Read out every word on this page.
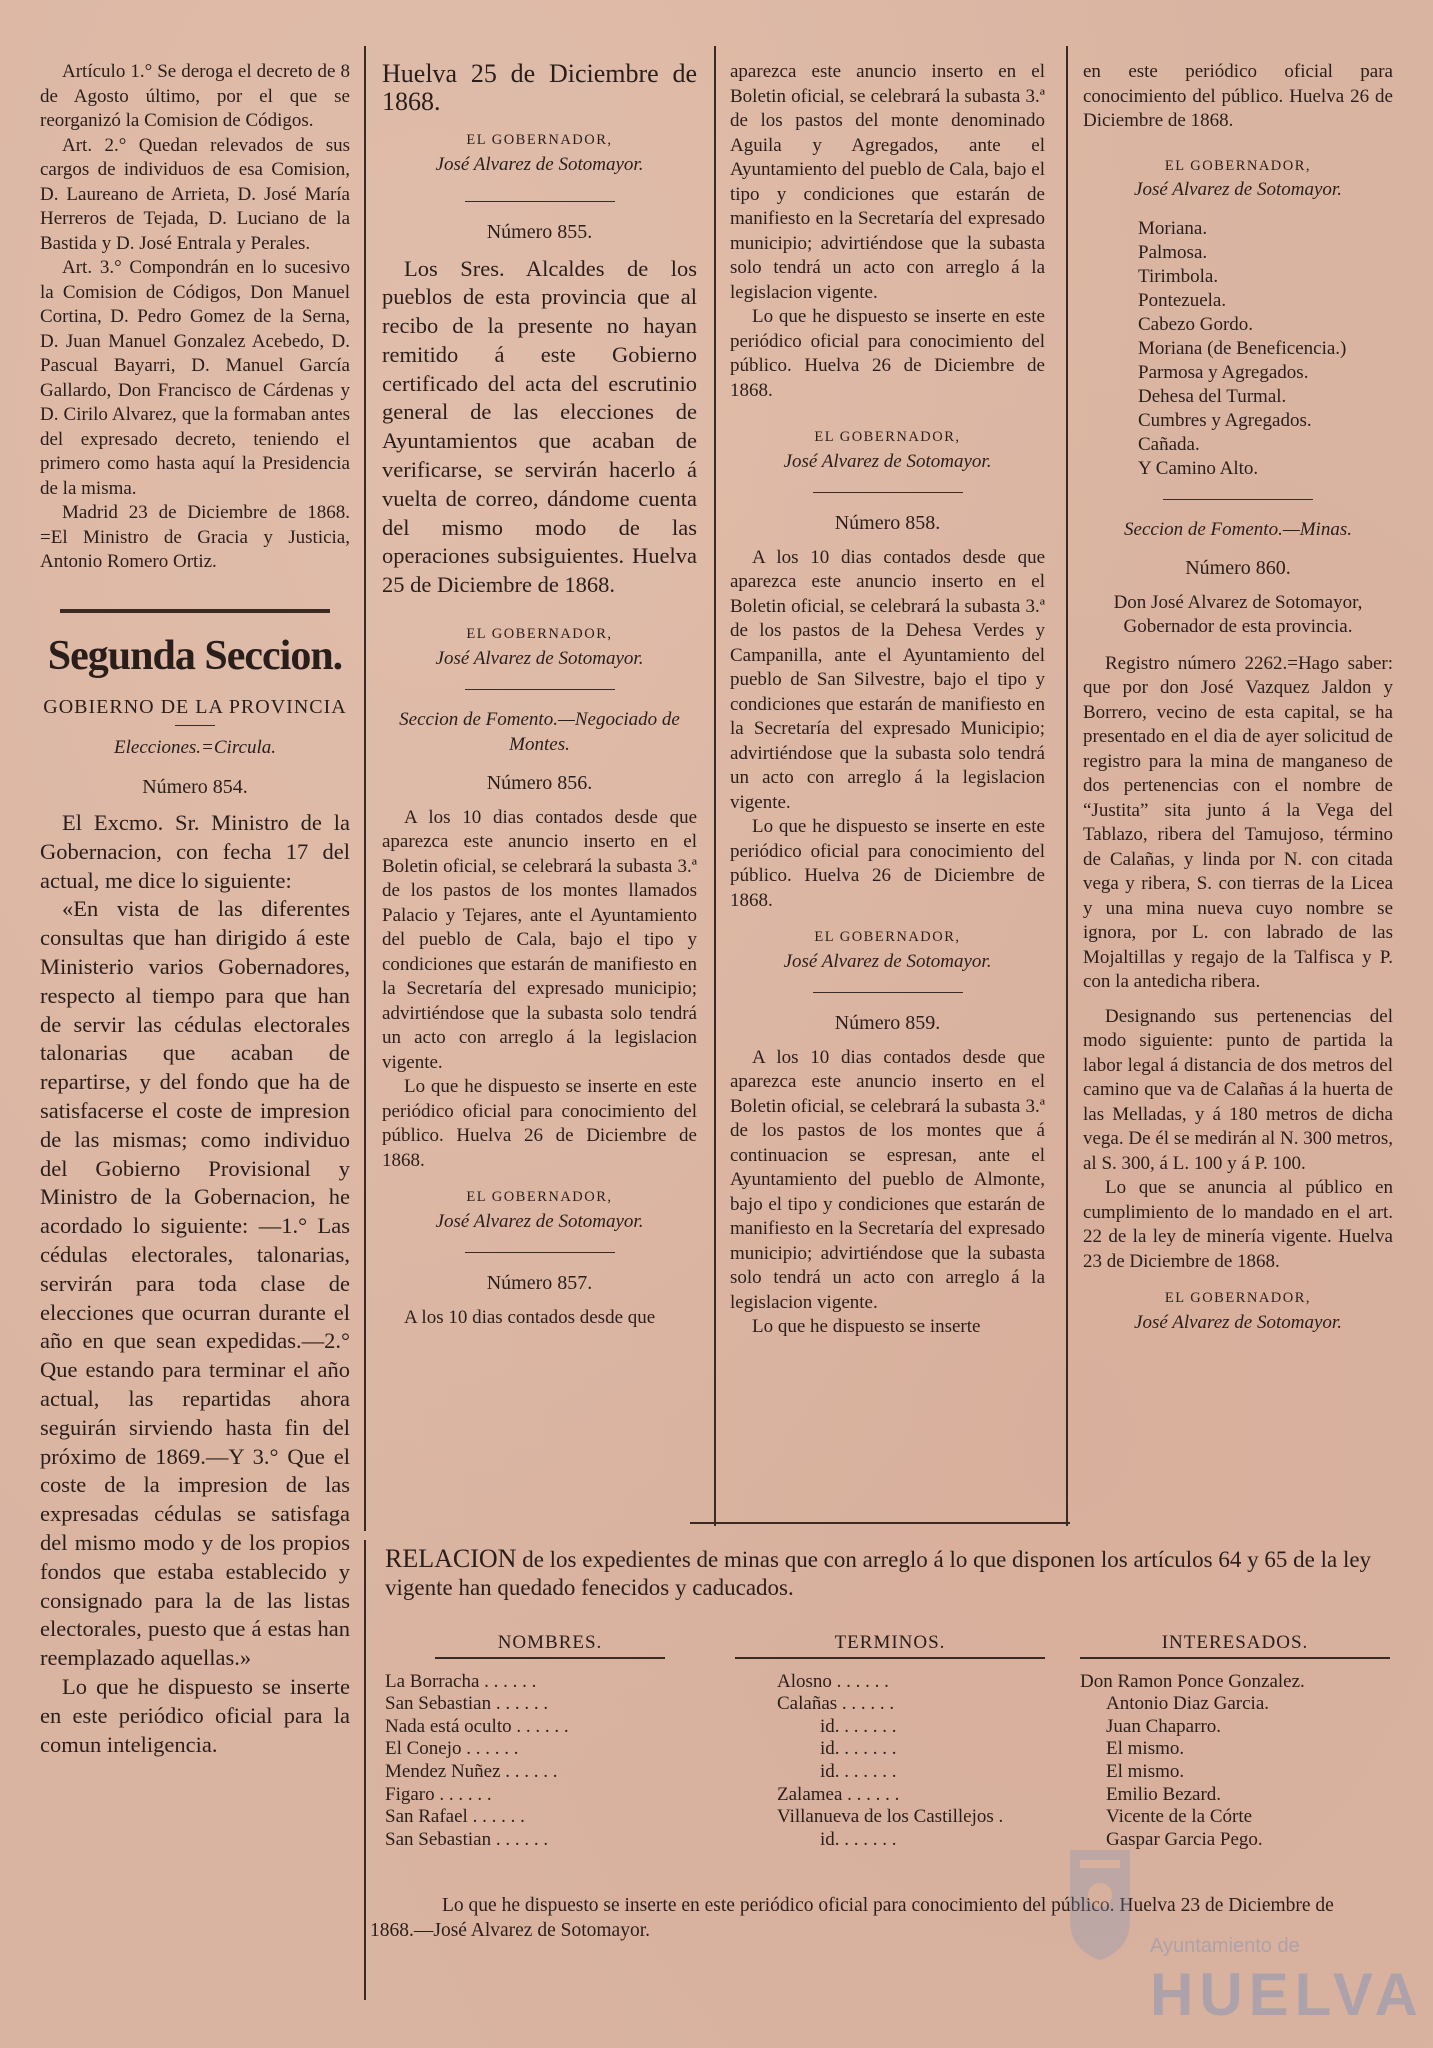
Artículo 1.° Se deroga el decreto de 8 de Agosto último, por el que se reorganizó la Comision de Códigos.

Art. 2.° Quedan relevados de sus cargos de individuos de esa Comision, D. Laureano de Arrieta, D. José María Herreros de Tejada, D. Luciano de la Bastida y D. José Entrala y Perales.

Art. 3.° Compondrán en lo sucesivo la Comision de Códigos, Don Manuel Cortina, D. Pedro Gomez de la Serna, D. Juan Manuel Gonzalez Acebedo, D. Pascual Bayarri, D. Manuel García Gallardo, Don Francisco de Cárdenas y D. Cirilo Alvarez, que la formaban antes del expresado decreto, teniendo el primero como hasta aquí la Presidencia de la misma.

Madrid 23 de Diciembre de 1868. =El Ministro de Gracia y Justicia, Antonio Romero Ortiz.

Segunda Seccion.
GOBIERNO DE LA PROVINCIA

Elecciones.=Circula.

Número 854.

El Excmo. Sr. Ministro de la Gobernacion, con fecha 17 del actual, me dice lo siguiente:

«En vista de las diferentes consultas que han dirigido á este Ministerio varios Gobernadores, respecto al tiempo para que han de servir las cédulas electorales talonarias que acaban de repartirse, y del fondo que ha de satisfacerse el coste de impresion de las mismas; como individuo del Gobierno Provisional y Ministro de la Gobernacion, he acordado lo siguiente: —1.° Las cédulas electorales, talonarias, servirán para toda clase de elecciones que ocurran durante el año en que sean expedidas.—2.° Que estando para terminar el año actual, las repartidas ahora seguirán sirviendo hasta fin del próximo de 1869.—Y 3.° Que el coste de la impresion de las expresadas cédulas se satisfaga del mismo modo y de los propios fondos que estaba establecido y consignado para la de las listas electorales, puesto que á estas han reemplazado aquellas.»

Lo que he dispuesto se inserte en este periódico oficial para la comun inteligencia.

Huelva 25 de Diciembre de 1868.

EL GOBERNADOR,

José Alvarez de Sotomayor.

Número 855.

Los Sres. Alcaldes de los pueblos de esta provincia que al recibo de la presente no hayan remitido á este Gobierno certificado del acta del escrutinio general de las elecciones de Ayuntamientos que acaban de verificarse, se servirán hacerlo á vuelta de correo, dándome cuenta del mismo modo de las operaciones subsiguientes. Huelva 25 de Diciembre de 1868.

EL GOBERNADOR,

José Alvarez de Sotomayor.

Seccion de Fomento.—Negociado de Montes.

Número 856.

A los 10 dias contados desde que aparezca este anuncio inserto en el Boletin oficial, se celebrará la subasta 3.ª de los pastos de los montes llamados Palacio y Tejares, ante el Ayuntamiento del pueblo de Cala, bajo el tipo y condiciones que estarán de manifiesto en la Secretaría del expresado municipio; advirtiéndose que la subasta solo tendrá un acto con arreglo á la legislacion vigente.

Lo que he dispuesto se inserte en este periódico oficial para conocimiento del público. Huelva 26 de Diciembre de 1868.

EL GOBERNADOR,

José Alvarez de Sotomayor.

Número 857.

A los 10 dias contados desde que

aparezca este anuncio inserto en el Boletin oficial, se celebrará la subasta 3.ª de los pastos del monte denominado Aguila y Agregados, ante el Ayuntamiento del pueblo de Cala, bajo el tipo y condiciones que estarán de manifiesto en la Secretaría del expresado municipio; advirtiéndose que la subasta solo tendrá un acto con arreglo á la legislacion vigente.

Lo que he dispuesto se inserte en este periódico oficial para conocimiento del público. Huelva 26 de Diciembre de 1868.

EL GOBERNADOR,

José Alvarez de Sotomayor.

Número 858.

A los 10 dias contados desde que aparezca este anuncio inserto en el Boletin oficial, se celebrará la subasta 3.ª de los pastos de la Dehesa Verdes y Campanilla, ante el Ayuntamiento del pueblo de San Silvestre, bajo el tipo y condiciones que estarán de manifiesto en la Secretaría del expresado Municipio; advirtiéndose que la subasta solo tendrá un acto con arreglo á la legislacion vigente.

Lo que he dispuesto se inserte en este periódico oficial para conocimiento del público. Huelva 26 de Diciembre de 1868.

EL GOBERNADOR,

José Alvarez de Sotomayor.

Número 859.

A los 10 dias contados desde que aparezca este anuncio inserto en el Boletin oficial, se celebrará la subasta 3.ª de los pastos de los montes que á continuacion se espresan, ante el Ayuntamiento del pueblo de Almonte, bajo el tipo y condiciones que estarán de manifiesto en la Secretaría del expresado municipio; advirtiéndose que la subasta solo tendrá un acto con arreglo á la legislacion vigente.

Lo que he dispuesto se inserte

en este periódico oficial para conocimiento del público. Huelva 26 de Diciembre de 1868.

EL GOBERNADOR,

José Alvarez de Sotomayor.

Moriana.

Palmosa.

Tirimbola.

Pontezuela.

Cabezo Gordo.

Moriana (de Beneficencia.)

Parmosa y Agregados.

Dehesa del Turmal.

Cumbres y Agregados.

Cañada.

Y Camino Alto.

Seccion de Fomento.—Minas.

Número 860.

Don José Alvarez de Sotomayor, Gobernador de esta provincia.

Registro número 2262.=Hago saber: que por don José Vazquez Jaldon y Borrero, vecino de esta capital, se ha presentado en el dia de ayer solicitud de registro para la mina de manganeso de dos pertenencias con el nombre de “Justita” sita junto á la Vega del Tablazo, ribera del Tamujoso, término de Calañas, y linda por N. con citada vega y ribera, S. con tierras de la Licea y una mina nueva cuyo nombre se ignora, por L. con labrado de las Mojaltillas y regajo de la Talfisca y P. con la antedicha ribera.

Designando sus pertenencias del modo siguiente: punto de partida la labor legal á distancia de dos metros del camino que va de Calañas á la huerta de las Melladas, y á 180 metros de dicha vega. De él se medirán al N. 300 metros, al S. 300, á L. 100 y á P. 100.

Lo que se anuncia al público en cumplimiento de lo mandado en el art. 22 de la ley de minería vigente. Huelva 23 de Diciembre de 1868.

EL GOBERNADOR,

José Alvarez de Sotomayor.

RELACION de los expedientes de minas que con arreglo á lo que disponen los artículos 64 y 65 de la ley vigente han quedado fenecidos y caducados.

NOMBRES.
La Borracha . . . . . .
San Sebastian . . . . . .
Nada está oculto . . . . . .
El Conejo . . . . . .
Mendez Nuñez . . . . . .
Figaro . . . . . .
San Rafael . . . . . .
San Sebastian . . . . . .
TERMINOS.
Alosno . . . . . .
Calañas . . . . . .
id. . . . . . .
id. . . . . . .
id. . . . . . .
Zalamea . . . . . .
Villanueva de los Castillejos .
id. . . . . . .
INTERESADOS.
Don Ramon Ponce Gonzalez.
Antonio Diaz Garcia.
Juan Chaparro.
El mismo.
El mismo.
Emilio Bezard.
Vicente de la Córte
Gaspar Garcia Pego.

Lo que he dispuesto se inserte en este periódico oficial para conocimiento del público. Huelva 23 de Diciembre de 1868.—José Alvarez de Sotomayor.

Ayuntamiento de
HUELVA
